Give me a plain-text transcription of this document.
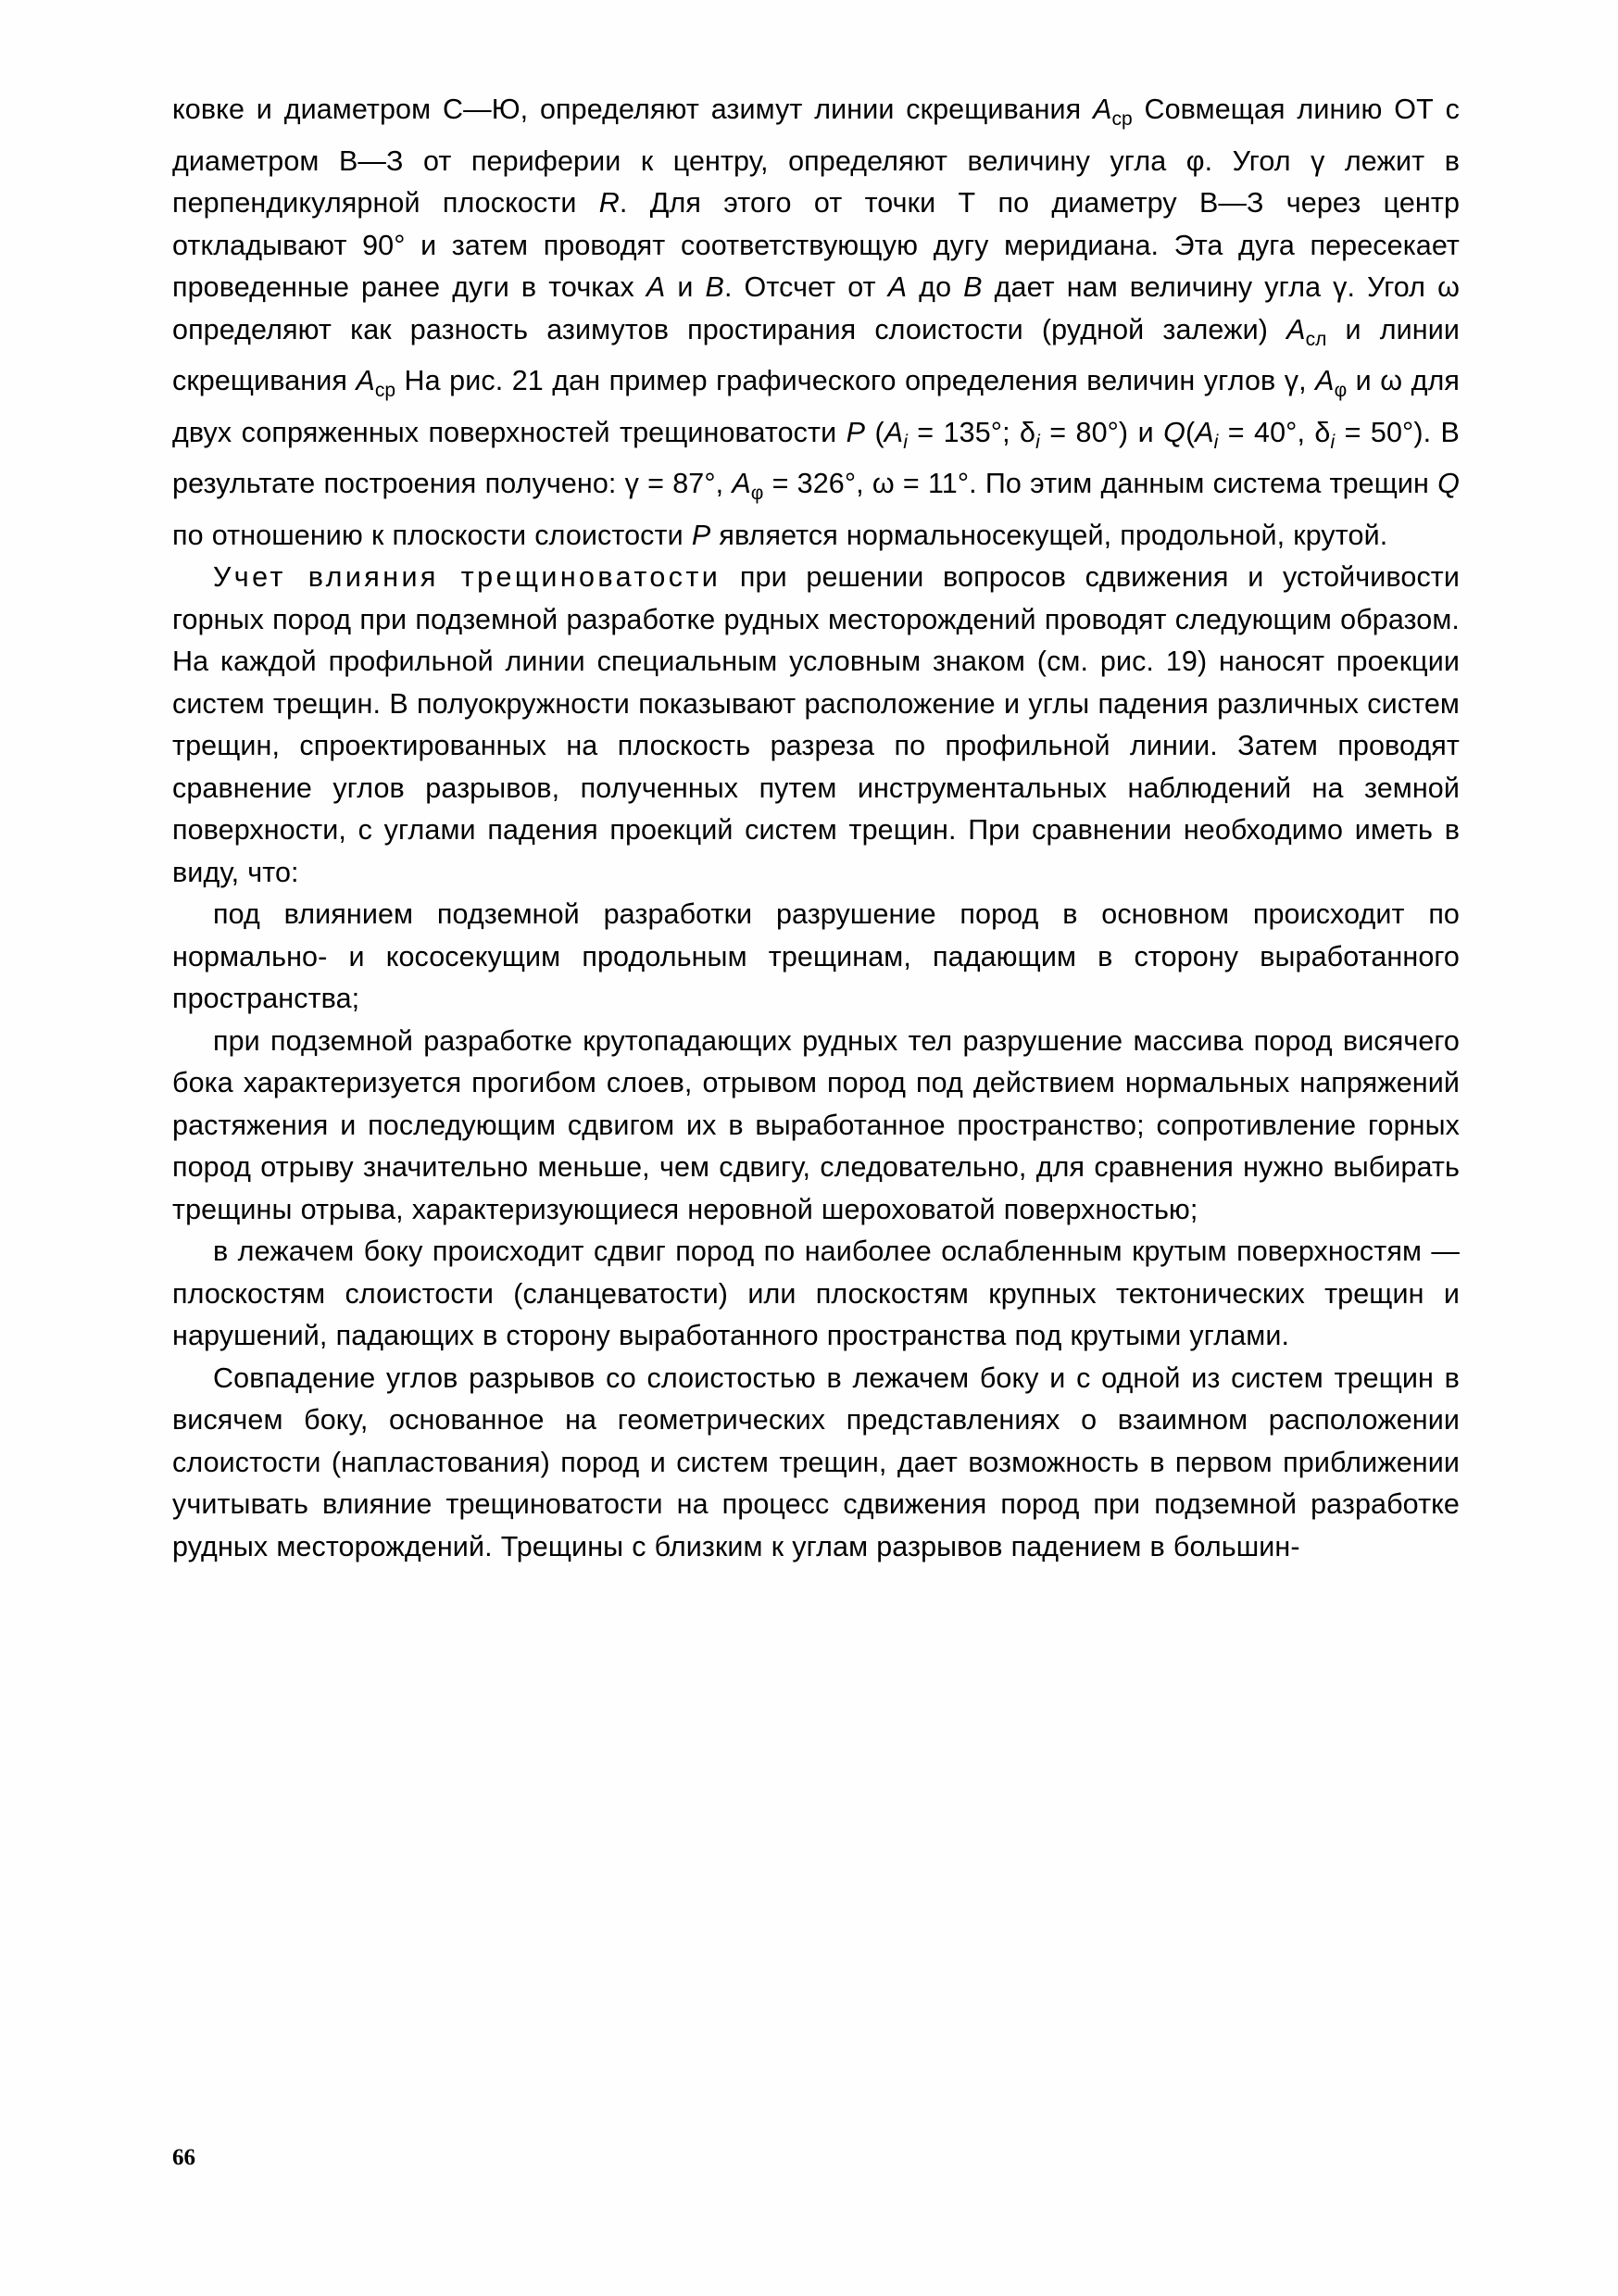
ковке и диаметром С—Ю, определяют азимут линии скрещивания $A_{ср}$ Совмещая линию ОТ с диаметром В—З от периферии к центру, определяют величину угла φ. Угол γ лежит в перпендикулярной плоскости R. Для этого от точки Т по диаметру В—З через центр откладывают 90° и затем проводят соответствующую дугу меридиана. Эта дуга пересекает проведенные ранее дуги в точках А и В. Отсчет от А до В дает нам величину угла γ. Угол ω определяют как разность азимутов простирания слоистости (рудной залежи) $А_{сл}$ и линии скрещивания $А_{ср}$ На рис. 21 дан пример графического определения величин углов γ, $А_\varphi$ и ω для двух сопряженных поверхностей трещиноватости Р ($А_i = 135^\circ$; $\delta_i = 80^\circ$) и $Q(А_i = 40^\circ$, $\delta_i = 50^\circ$). В результате построения получено: γ = 87°, $А_\varphi = 326^\circ$, ω = 11°. По этим данным система трещин Q по отношению к плоскости слоистости Р является нормальносекущей, продольной, крутой.

Учет влияния трещиноватости при решении вопросов сдвижения и устойчивости горных пород при подземной разработке рудных месторождений проводят следующим образом. На каждой профильной линии специальным условным знаком (см. рис. 19) наносят проекции систем трещин. В полуокружности показывают расположение и углы падения различных систем трещин, спроектированных на плоскость разреза по профильной линии. Затем проводят сравнение углов разрывов, полученных путем инструментальных наблюдений на земной поверхности, с углами падения проекций систем трещин. При сравнении необходимо иметь в виду, что:

под влиянием подземной разработки разрушение пород в основном происходит по нормально- и кососекущим продольным трещинам, падающим в сторону выработанного пространства;

при подземной разработке крутопадающих рудных тел разрушение массива пород висячего бока характеризуется прогибом слоев, отрывом пород под действием нормальных напряжений растяжения и последующим сдвигом их в выработанное пространство; сопротивление горных пород отрыву значительно меньше, чем сдвигу, следовательно, для сравнения нужно выбирать трещины отрыва, характеризующиеся неровной шероховатой поверхностью;

в лежачем боку происходит сдвиг пород по наиболее ослабленным крутым поверхностям — плоскостям слоистости (сланцеватости) или плоскостям крупных тектонических трещин и нарушений, падающих в сторону выработанного пространства под крутыми углами.

Совпадение углов разрывов со слоистостью в лежачем боку и с одной из систем трещин в висячем боку, основанное на геометрических представлениях о взаимном расположении слоистости (напластования) пород и систем трещин, дает возможность в первом приближении учитывать влияние трещиноватости на процесс сдвижения пород при подземной разработке рудных месторождений. Трещины с близким к углам разрывов падением в большин-

66
